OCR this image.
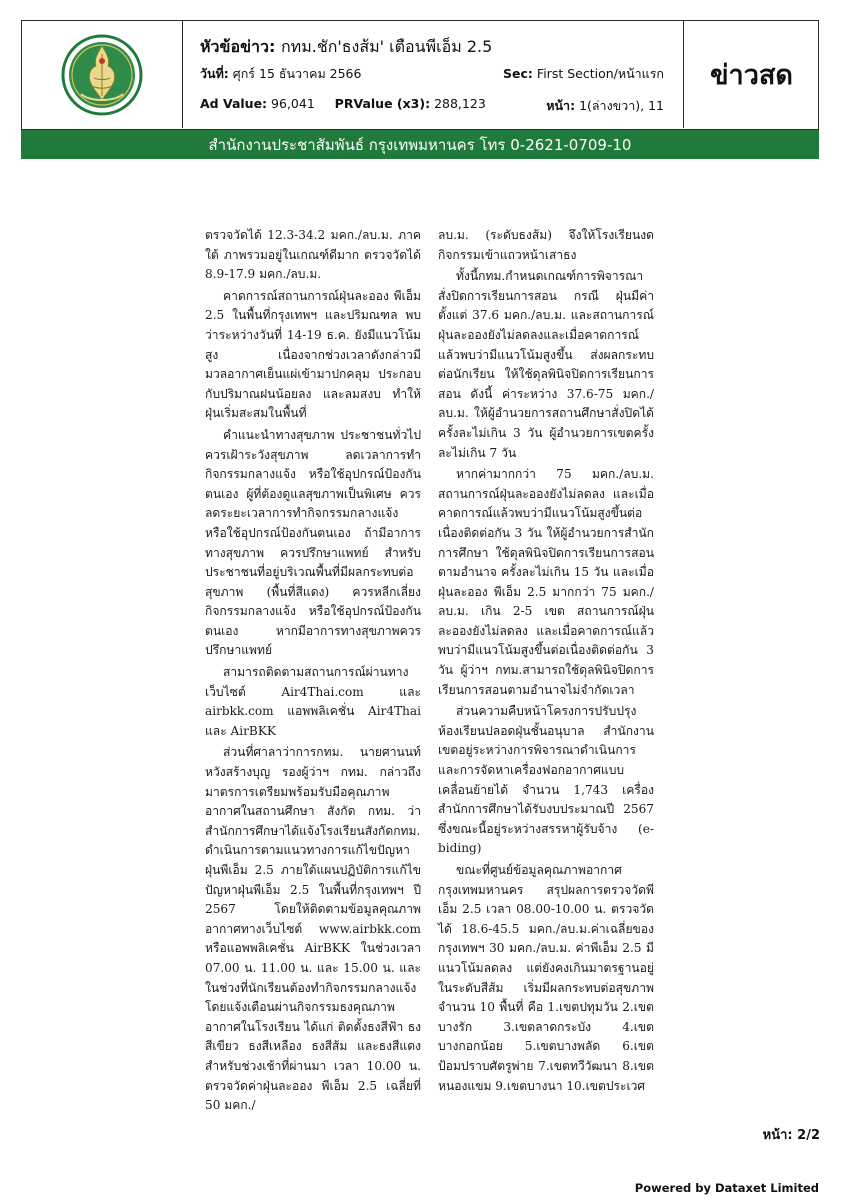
หัวข้อข่าว: กทม.ชัก'ธงส้ม' เตือนพีเอ็ม 2.5
วันที่: ศุกร์ 15 ธันวาคม 2566	Sec: First Section/หน้าแรก
Ad Value: 96,041 PRValue (x3): 288,123	หน้า: 1(ล่างขวา), 11
ข่าวสด
สำนักงานประชาสัมพันธ์ กรุงเทพมหานคร โทร 0-2621-0709-10

ตรวจวัดได้ 12.3-34.2 มคก./ลบ.ม. ภาคใต้ ภาพรวมอยู่ในเกณฑ์ดีมาก ตรวจวัดได้ 8.9-17.9 มคก./ลบ.ม.

คาดการณ์สถานการณ์ฝุ่นละออง พีเอ็ม 2.5 ในพื้นที่กรุงเทพฯ และปริมณฑล พบว่าระหว่างวันที่ 14-19 ธ.ค. ยังมีแนวโน้มสูง เนื่องจากช่วงเวลาดังกล่าวมีมวลอากาศเย็นแผ่เข้ามาปกคลุม ประกอบกับปริมาณฝนน้อยลง และลมสงบ ทำให้ฝุ่นเริ่มสะสมในพื้นที่

คำแนะนำทางสุขภาพ ประชาชนทั่วไป ควรเฝ้าระวังสุขภาพ ลดเวลาการทำกิจกรรมกลางแจ้ง หรือใช้อุปกรณ์ป้องกันตนเอง ผู้ที่ต้องดูแลสุขภาพเป็นพิเศษ ควรลดระยะเวลาการทำกิจกรรมกลางแจ้ง หรือใช้อุปกรณ์ป้องกันตนเอง ถ้ามีอาการทางสุขภาพ ควรปรึกษาแพทย์ สำหรับประชาชนที่อยู่บริเวณพื้นที่มีผลกระทบต่อสุขภาพ (พื้นที่สีแดง) ควรหลีกเลี่ยงกิจกรรมกลางแจ้ง หรือใช้อุปกรณ์ป้องกันตนเอง หากมีอาการทางสุขภาพควรปรึกษาแพทย์

สามารถติดตามสถานการณ์ผ่านทางเว็บไซต์ Air4Thai.com และ airbkk.com แอพพลิเคชั่น Air4Thai และ AirBKK

ส่วนที่ศาลาว่าการกทม. นายศานนท์ หวังสร้างบุญ รองผู้ว่าฯ กทม. กล่าวถึงมาตรการเตรียมพร้อมรับมือคุณภาพอากาศในสถานศึกษา สังกัด กทม. ว่า สำนักการศึกษาได้แจ้งโรงเรียนสังกัดกทม. ดำเนินการตามแนวทางการแก้ไขปัญหาฝุ่นพีเอ็ม 2.5 ภายใต้แผนปฏิบัติการแก้ไขปัญหาฝุ่นพีเอ็ม 2.5 ในพื้นที่กรุงเทพฯ ปี 2567 โดยให้ติดตามข้อมูลคุณภาพอากาศทางเว็บไซต์ www.airbkk.com หรือแอพพลิเคชั่น AirBKK ในช่วงเวลา 07.00 น. 11.00 น. และ 15.00 น. และในช่วงที่นักเรียนต้องทำกิจกรรมกลางแจ้ง โดยแจ้งเตือนผ่านกิจกรรมธงคุณภาพอากาศในโรงเรียน ได้แก่ ติดตั้งธงสีฟ้า ธงสีเขียว ธงสีเหลือง ธงสีส้ม และธงสีแดง สำหรับช่วงเช้าที่ผ่านมา เวลา 10.00 น. ตรวจวัดค่าฝุ่นละออง พีเอ็ม 2.5 เฉลี่ยที่ 50 มคก./

ลบ.ม. (ระดับธงส้ม) จึงให้โรงเรียนงดกิจกรรมเข้าแถวหน้าเสาธง

ทั้งนี้กทม.กำหนดเกณฑ์การพิจารณาสั่งปิดการเรียนการสอน กรณี ฝุ่นมีค่าตั้งแต่ 37.6 มคก./ลบ.ม. และสถานการณ์ฝุ่นละอองยังไม่ลดลงและเมื่อคาดการณ์แล้วพบว่ามีแนวโน้มสูงขึ้น ส่งผลกระทบต่อนักเรียน ให้ใช้ดุลพินิจปิดการเรียนการสอน ดังนี้ ค่าระหว่าง 37.6-75 มคก./ลบ.ม. ให้ผู้อำนวยการสถานศึกษาสั่งปิดได้ครั้งละไม่เกิน 3 วัน ผู้อำนวยการเขตครั้งละไม่เกิน 7 วัน

หากค่ามากกว่า 75 มคก./ลบ.ม. สถานการณ์ฝุ่นละอองยังไม่ลดลง และเมื่อคาดการณ์แล้วพบว่ามีแนวโน้มสูงขึ้นต่อเนื่องติดต่อกัน 3 วัน ให้ผู้อำนวยการสำนักการศึกษา ใช้ดุลพินิจปิดการเรียนการสอนตามอำนาจ ครั้งละไม่เกิน 15 วัน และเมื่อฝุ่นละออง พีเอ็ม 2.5 มากกว่า 75 มคก./ลบ.ม. เกิน 2-5 เขต สถานการณ์ฝุ่นละอองยังไม่ลดลง และเมื่อคาดการณ์แล้วพบว่ามีแนวโน้มสูงขึ้นต่อเนื่องติดต่อกัน 3 วัน ผู้ว่าฯ กทม.สามารถใช้ดุลพินิจปิดการเรียนการสอนตามอำนาจไม่จำกัดเวลา

ส่วนความคืบหน้าโครงการปรับปรุงห้องเรียนปลอดฝุ่นชั้นอนุบาล สำนักงานเขตอยู่ระหว่างการพิจารณาดำเนินการ และการจัดหาเครื่องฟอกอากาศแบบเคลื่อนย้ายได้ จำนวน 1,743 เครื่อง สำนักการศึกษาได้รับงบประมาณปี 2567 ซึ่งขณะนี้อยู่ระหว่างสรรหาผู้รับจ้าง (e-biding)

ขณะที่ศูนย์ข้อมูลคุณภาพอากาศ กรุงเทพมหานคร สรุปผลการตรวจวัดพีเอ็ม 2.5 เวลา 08.00-10.00 น. ตรวจวัดได้ 18.6-45.5 มคก./ลบ.ม.ค่าเฉลี่ยของกรุงเทพฯ 30 มคก./ลบ.ม. ค่าพีเอ็ม 2.5 มีแนวโน้มลดลง แต่ยังคงเกินมาตรฐานอยู่ในระดับสีส้ม เริ่มมีผลกระทบต่อสุขภาพ จำนวน 10 พื้นที่ คือ 1.เขตปทุมวัน 2.เขตบางรัก 3.เขตลาดกระบัง 4.เขตบางกอกน้อย 5.เขตบางพลัด 6.เขตป้อมปราบศัตรูพ่าย 7.เขตทวีวัฒนา 8.เขตหนองแขม 9.เขตบางนา 10.เขตประเวศ

หน้า: 2/2
Powered by Dataxet Limited
